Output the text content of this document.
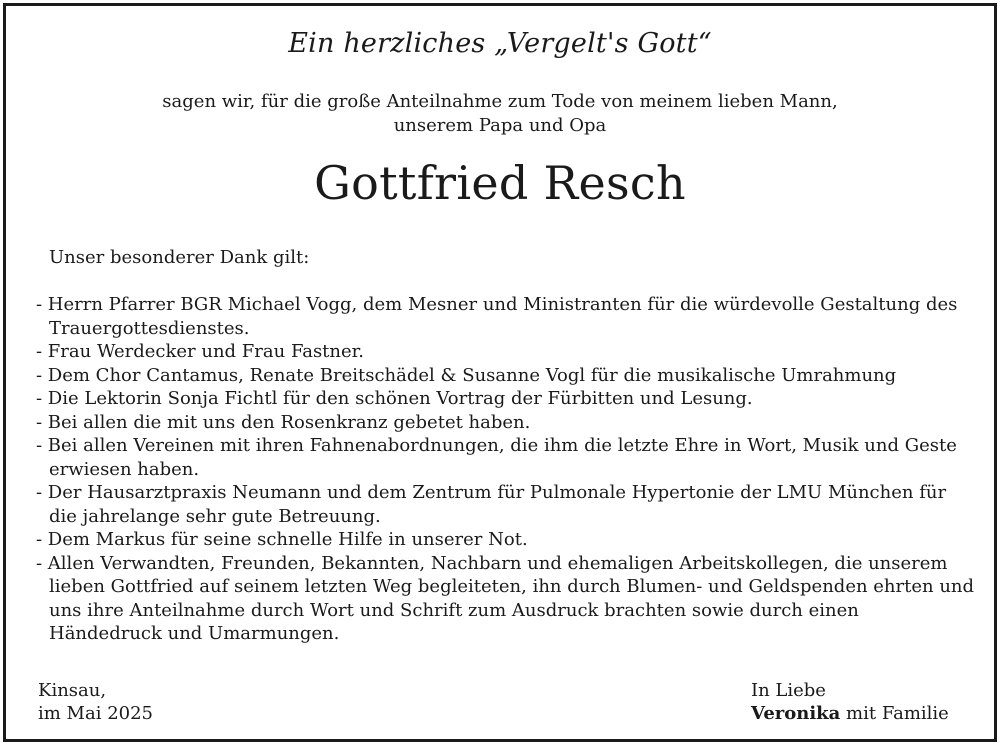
Ein herzliches „Vergelt's Gott“
sagen wir, für die große Anteilnahme zum Tode von meinem lieben Mann,
unserem Papa und Opa
Gottfried Resch
Unser besonderer Dank gilt:
- Herrn Pfarrer BGR Michael Vogg, dem Mesner und Ministranten für die würdevolle Gestaltung des Trauergottesdienstes.
- Frau Werdecker und Frau Fastner.
- Dem Chor Cantamus, Renate Breitschädel & Susanne Vogl für die musikalische Umrahmung
- Die Lektorin Sonja Fichtl für den schönen Vortrag der Fürbitten und Lesung.
- Bei allen die mit uns den Rosenkranz gebetet haben.
- Bei allen Vereinen mit ihren Fahnenabordnungen, die ihm die letzte Ehre in Wort, Musik und Geste erwiesen haben.
- Der Hausarztpraxis Neumann und dem Zentrum für Pulmonale Hypertonie der LMU München für die jahrelange sehr gute Betreuung.
- Dem Markus für seine schnelle Hilfe in unserer Not.
- Allen Verwandten, Freunden, Bekannten, Nachbarn und ehemaligen Arbeitskollegen, die unserem lieben Gottfried auf seinem letzten Weg begleiteten, ihn durch Blumen- und Geldspenden ehrten und uns ihre Anteilnahme durch Wort und Schrift zum Ausdruck brachten sowie durch einen Händedruck und Umarmungen.
Kinsau,
im Mai 2025
In Liebe
Veronika mit Familie
